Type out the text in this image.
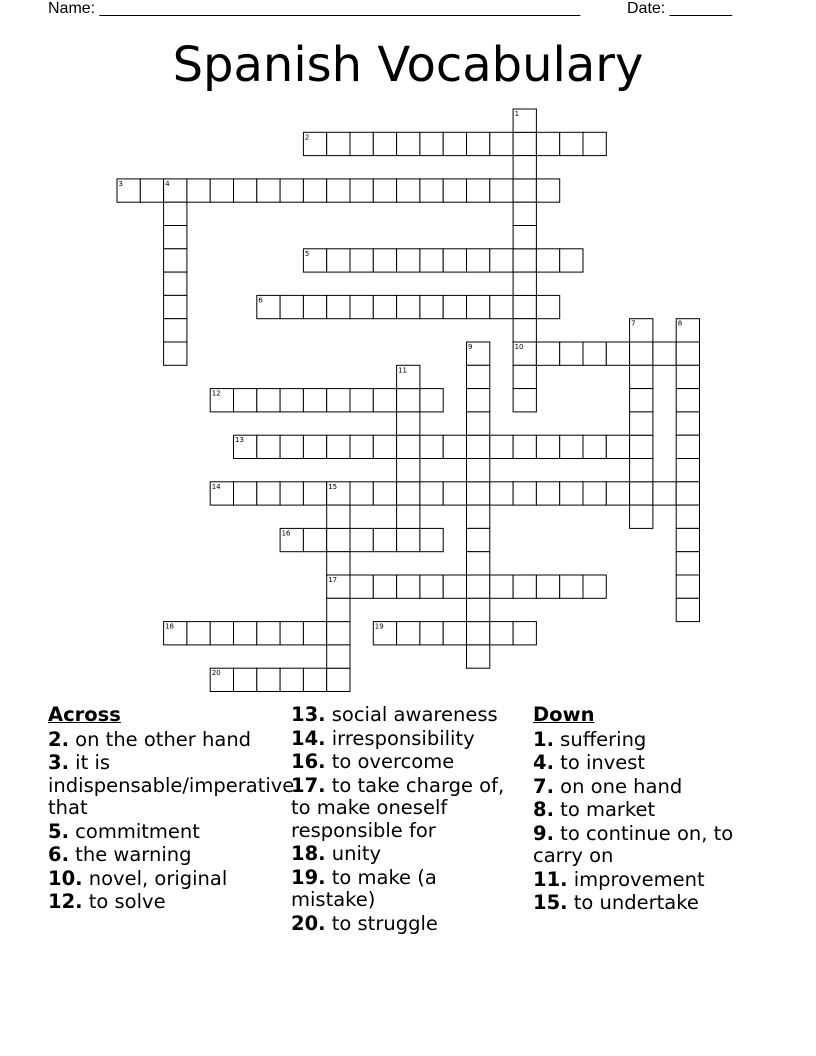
Name: ______________________________________________________	Date: _______
Spanish Vocabulary
2
3
5
6
10
12
13
14
16
17
18	19
20
1
4
7	8
9
11
15
Across
2. on the other hand
3. it is indispensable/imperative that
5. commitment
6. the warning
10. novel, original
12. to solve
13. social awareness
14. irresponsibility
16. to overcome
17. to take charge of, to make oneself responsible for
18. unity
19. to make (a mistake)
20. to struggle
Down
1. suffering
4. to invest
7. on one hand
8. to market
9. to continue on, to carry on
11. improvement
15. to undertake
